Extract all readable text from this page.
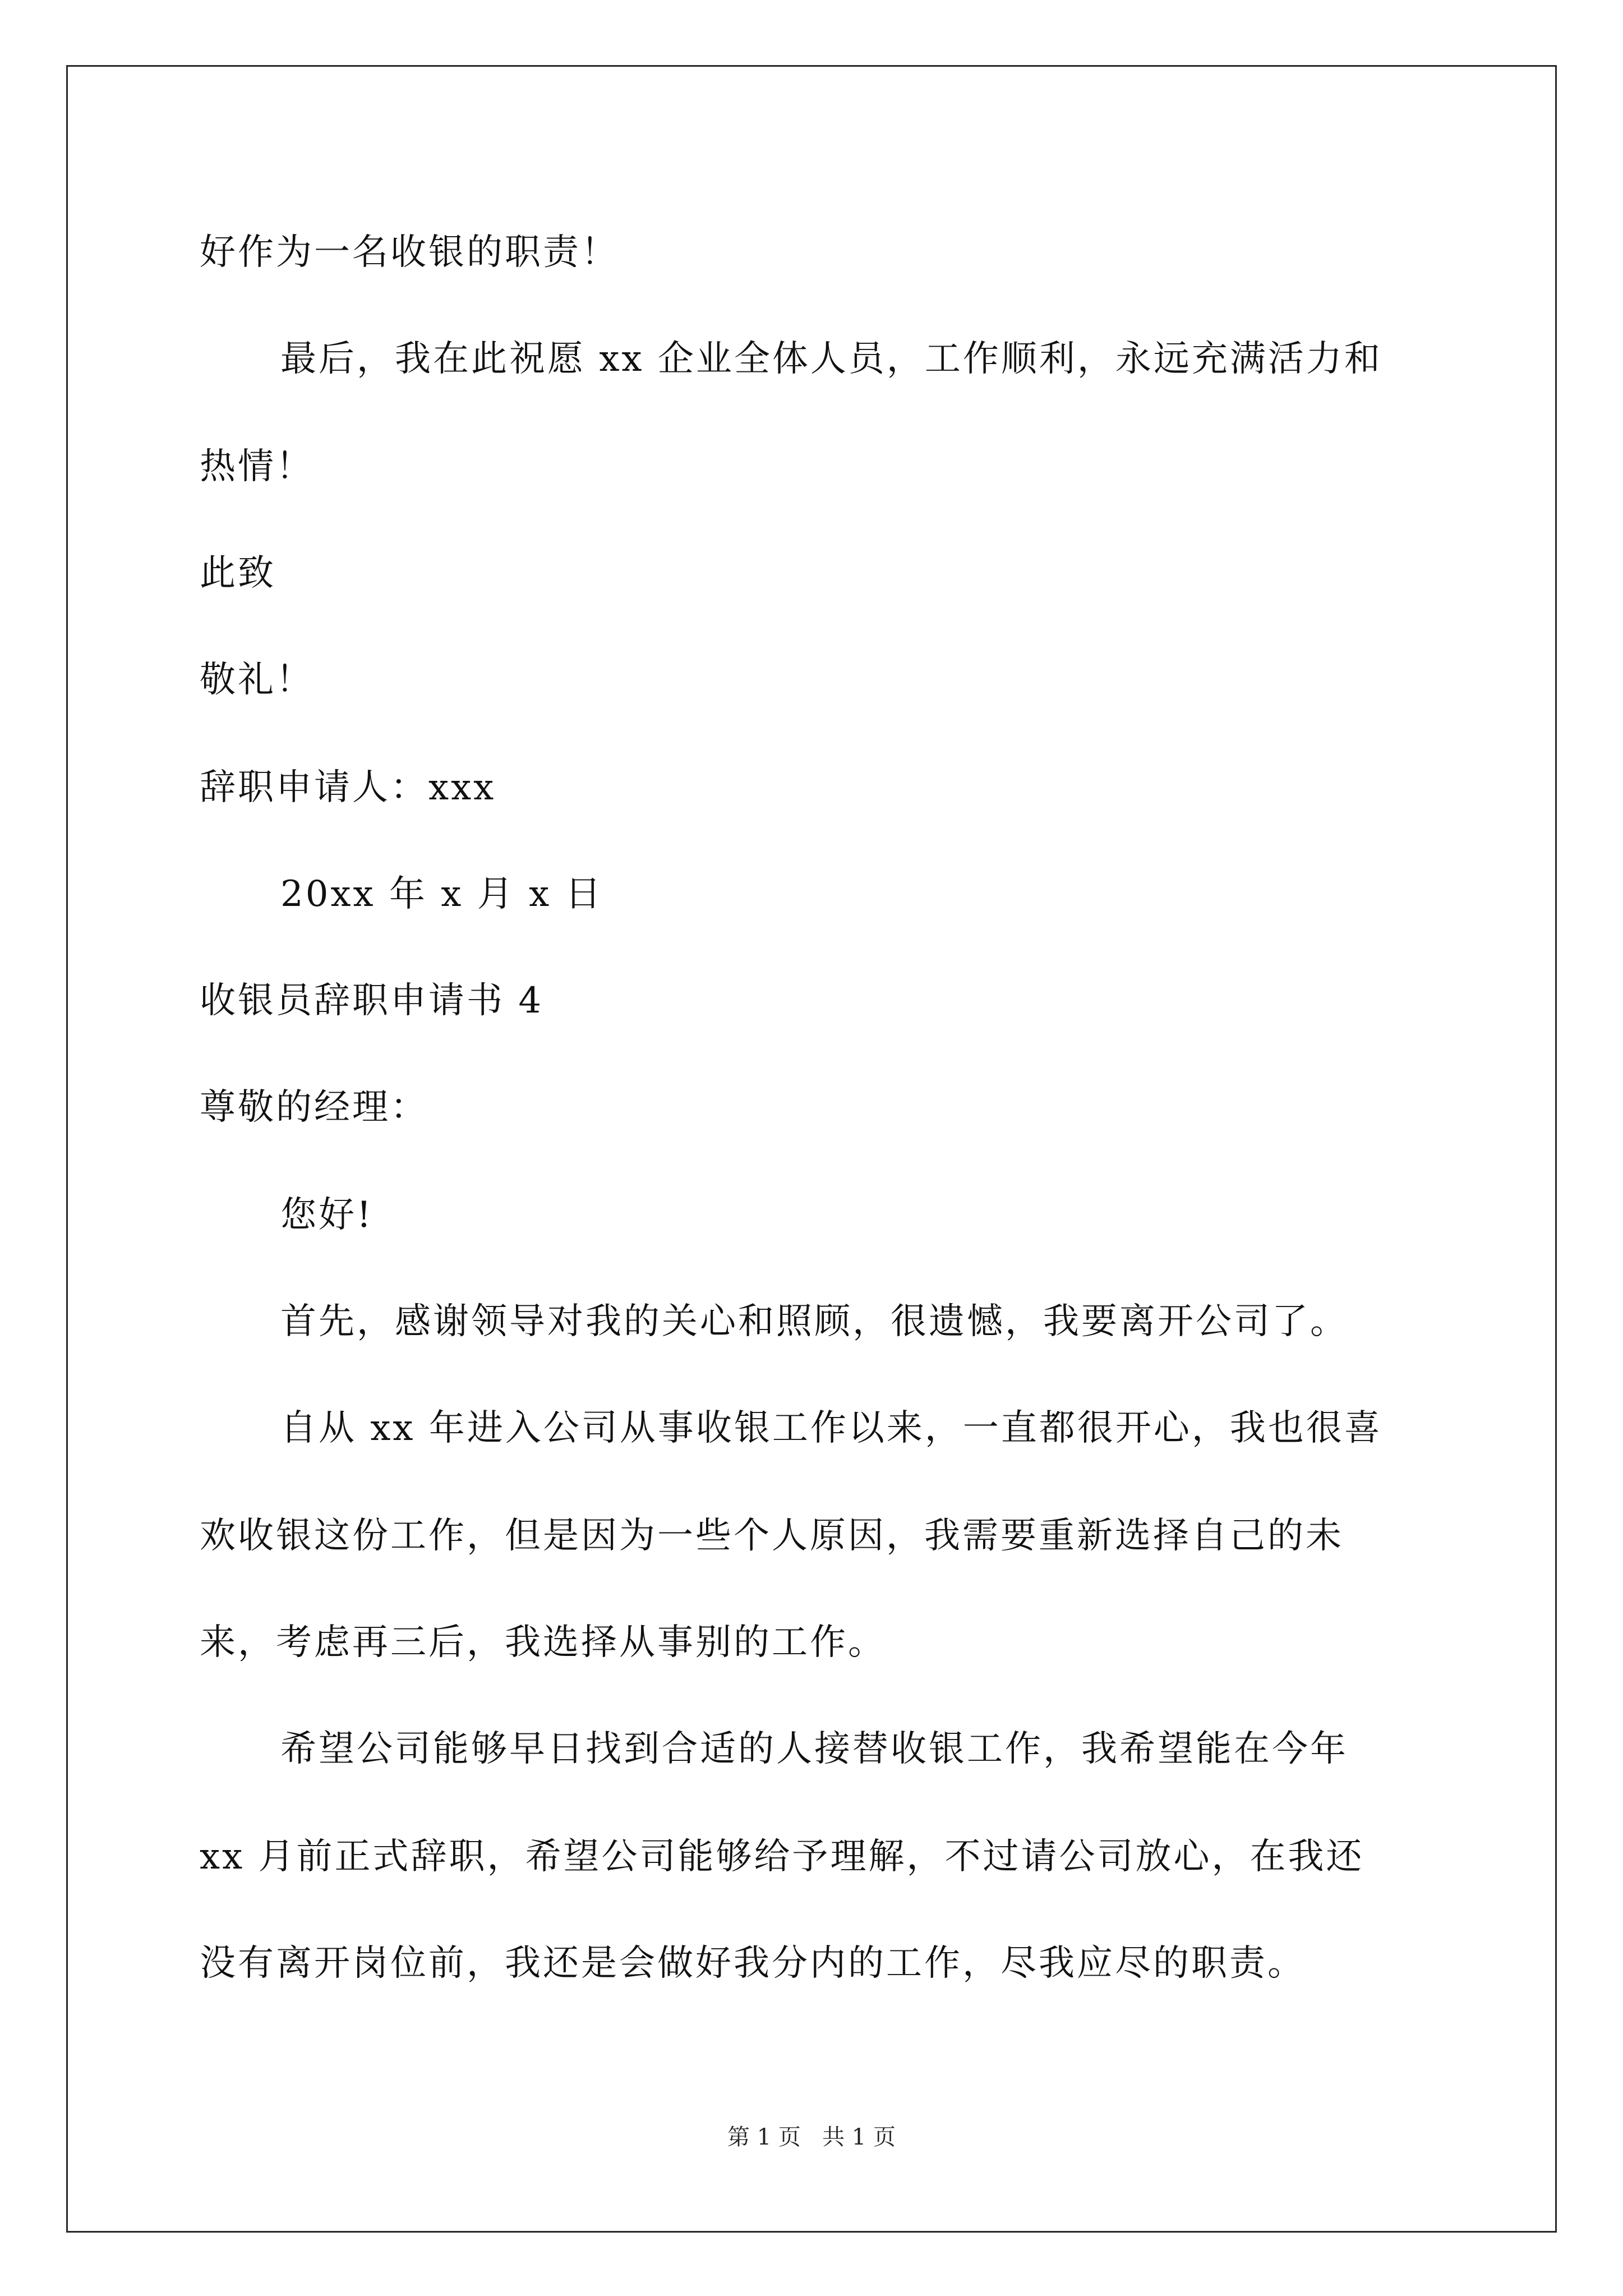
好作为一名收银的职责！
最后，我在此祝愿 xx 企业全体人员，工作顺利，永远充满活力和
热情！
此致
敬礼！
辞职申请人：xxx
20xx 年 x 月 x 日
收银员辞职申请书 4
尊敬的经理：
您好!
首先，感谢领导对我的关心和照顾，很遗憾，我要离开公司了。
自从 xx 年进入公司从事收银工作以来，一直都很开心，我也很喜
欢收银这份工作，但是因为一些个人原因，我需要重新选择自己的未
来，考虑再三后，我选择从事别的工作。
希望公司能够早日找到合适的人接替收银工作，我希望能在今年
xx 月前正式辞职，希望公司能够给予理解，不过请公司放心，在我还
没有离开岗位前，我还是会做好我分内的工作，尽我应尽的职责。
第 1 页   共 1 页
